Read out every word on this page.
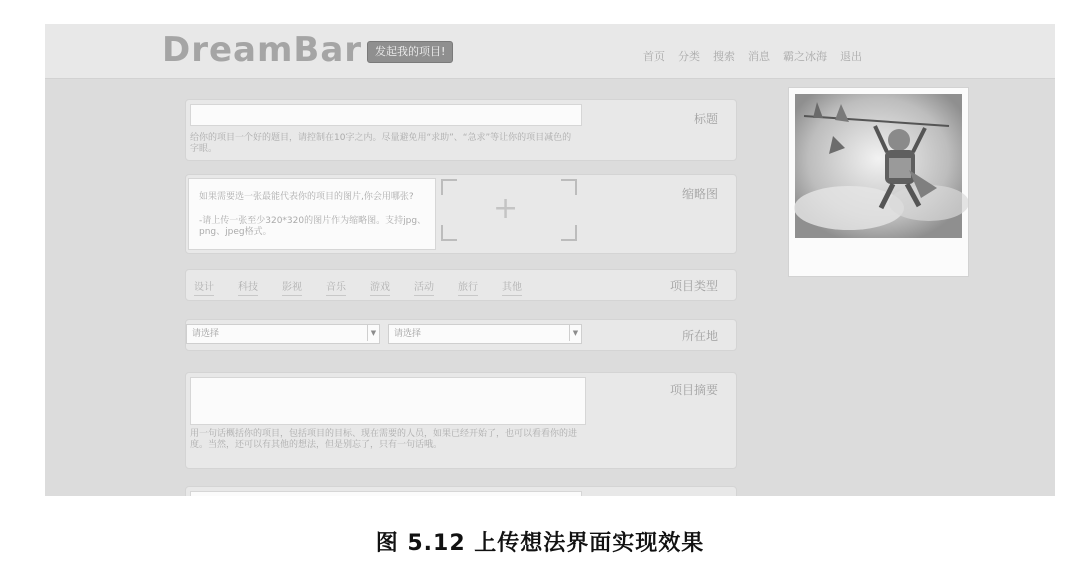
DreamBar	发起我的项目!	首页 分类 搜索 消息 霸之冰海 退出
标题
给你的项目一个好的题目，请控制在10字之内。尽量避免用“求助”、“急求”等让你的项目减色的字眼。
如果需要选一张最能代表你的项目的图片,你会用哪张?
-请上传一张至少320*320的图片作为缩略图。支持jpg、png、jpeg格式。
+	缩略图
设计 科技 影视 音乐 游戏 活动 旅行 其他	项目类型
请选择	▼	请选择	▼	所在地
项目摘要
用一句话概括你的项目，包括项目的目标、现在需要的人员，如果已经开始了，也可以看看你的进度。当然，还可以有其他的想法，但是别忘了，只有一句话哦。
图 5.12 上传想法界面实现效果
